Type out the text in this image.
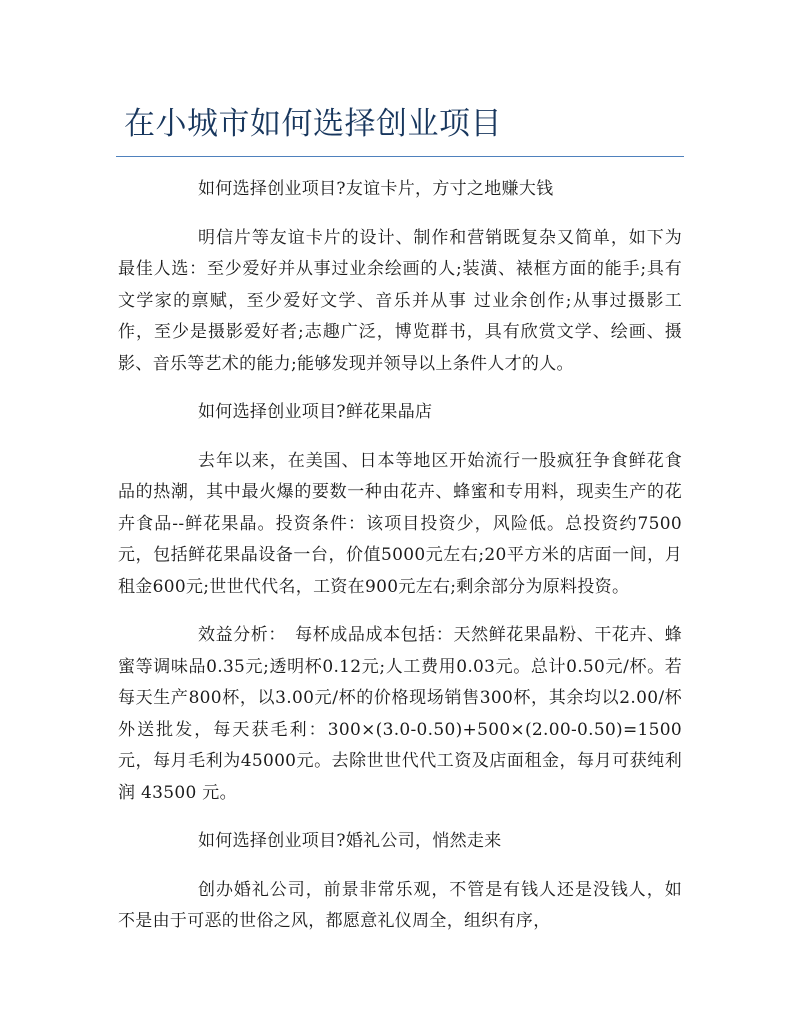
在小城市如何选择创业项目

如何选择创业项目?友谊卡片，方寸之地赚大钱

明信片等友谊卡片的设计、制作和营销既复杂又简单，如下为最佳人选：至少爱好并从事过业余绘画的人;装潢、裱框方面的能手;具有文学家的禀赋，至少爱好文学、音乐并从事 过业余创作;从事过摄影工作，至少是摄影爱好者;志趣广泛，博览群书，具有欣赏文学、绘画、摄影、音乐等艺术的能力;能够发现并领导以上条件人才的人。

如何选择创业项目?鲜花果晶店

去年以来，在美国、日本等地区开始流行一股疯狂争食鲜花食品的热潮，其中最火爆的要数一种由花卉、蜂蜜和专用料，现卖生产的花卉食品--鲜花果晶。投资条件：该项目投资少，风险低。总投资约7500元，包括鲜花果晶设备一台，价值5000元左右;20平方米的店面一间，月租金600元;世世代代名，工资在900元左右;剩余部分为原料投资。

效益分析：　每杯成品成本包括：天然鲜花果晶粉、干花卉、蜂蜜等调味品0.35元;透明杯0.12元;人工费用0.03元。总计0.50元/杯。若每天生产800杯，以3.00元/杯的价格现场销售300杯，其余均以2.00/杯外送批发，每天获毛利：300×(3.0-0.50)+500×(2.00-0.50)=1500元，每月毛利为45000元。去除世世代代工资及店面租金，每月可获纯利润 43500 元。

如何选择创业项目?婚礼公司，悄然走来

创办婚礼公司，前景非常乐观，不管是有钱人还是没钱人，如不是由于可恶的世俗之风，都愿意礼仪周全，组织有序，
